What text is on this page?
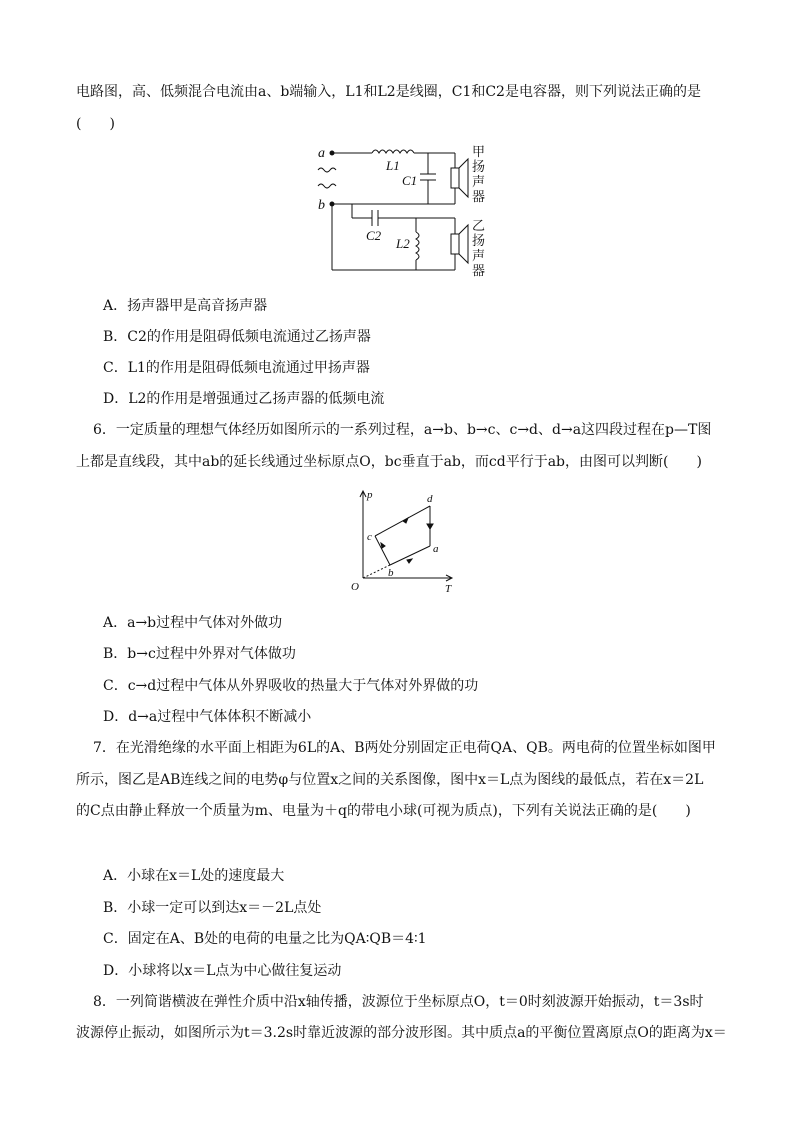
电路图，高、低频混合电流由a、b端输入，L1和L2是线圈，C1和C2是电容器，则下列说法正确的是
(　　)
a
b
L1
C1
C2
L2
甲
扬
声
器
乙
扬
声
器
A．扬声器甲是高音扬声器
B．C2的作用是阻碍低频电流通过乙扬声器
C．L1的作用是阻碍低频电流通过甲扬声器
D．L2的作用是增强通过乙扬声器的低频电流
6．一定质量的理想气体经历如图所示的一系列过程，a→b、b→c、c→d、d→a这四段过程在p—T图
上都是直线段，其中ab的延长线通过坐标原点O，bc垂直于ab，而cd平行于ab，由图可以判断(　　)
p
T
O
a
b
c
d
A．a→b过程中气体对外做功
B．b→c过程中外界对气体做功
C．c→d过程中气体从外界吸收的热量大于气体对外界做的功
D．d→a过程中气体体积不断减小
7．在光滑绝缘的水平面上相距为6L的A、B两处分别固定正电荷QA、QB。两电荷的位置坐标如图甲
所示，图乙是AB连线之间的电势φ与位置x之间的关系图像，图中x＝L点为图线的最低点，若在x＝2L
的C点由静止释放一个质量为m、电量为＋q的带电小球(可视为质点)，下列有关说法正确的是(　　)
A．小球在x＝L处的速度最大
B．小球一定可以到达x＝－2L点处
C．固定在A、B处的电荷的电量之比为QA∶QB＝4∶1
D．小球将以x＝L点为中心做往复运动
8．一列简谐横波在弹性介质中沿x轴传播，波源位于坐标原点O，t＝0时刻波源开始振动，t＝3s时
波源停止振动，如图所示为t＝3.2s时靠近波源的部分波形图。其中质点a的平衡位置离原点O的距离为x＝
